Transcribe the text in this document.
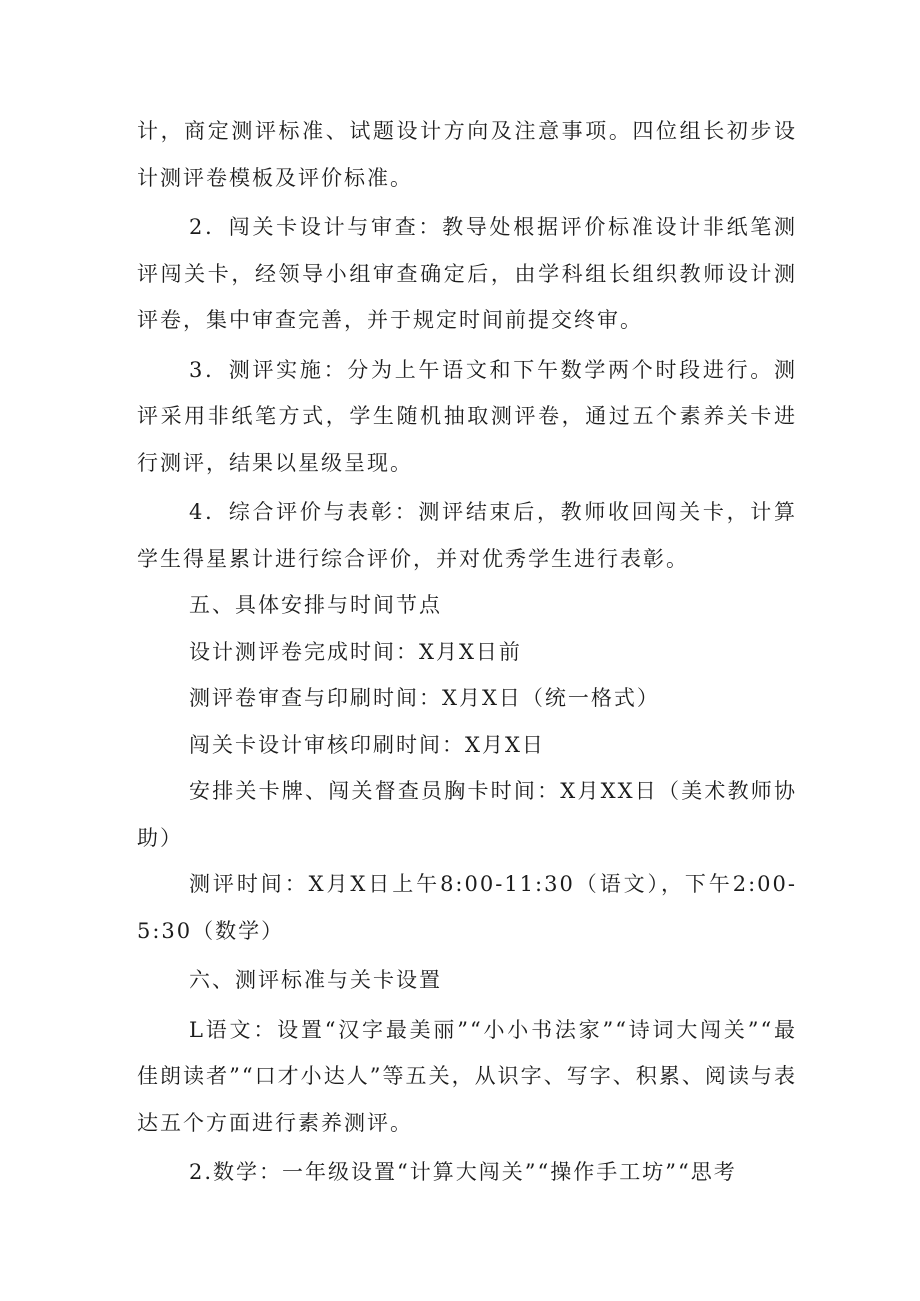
计，商定测评标准、试题设计方向及注意事项。四位组长初步设计测评卷模板及评价标准。

2．闯关卡设计与审查：教导处根据评价标准设计非纸笔测评闯关卡，经领导小组审查确定后，由学科组长组织教师设计测评卷，集中审查完善，并于规定时间前提交终审。

3．测评实施：分为上午语文和下午数学两个时段进行。测评采用非纸笔方式，学生随机抽取测评卷，通过五个素养关卡进行测评，结果以星级呈现。

4．综合评价与表彰：测评结束后，教师收回闯关卡，计算学生得星累计进行综合评价，并对优秀学生进行表彰。

五、具体安排与时间节点

设计测评卷完成时间：X月X日前

测评卷审查与印刷时间：X月X日（统一格式）

闯关卡设计审核印刷时间：X月X日

安排关卡牌、闯关督查员胸卡时间：X月XX日（美术教师协助）

测评时间：X月X日上午8:00-11:30（语文），下午2:00-5:30（数学）

六、测评标准与关卡设置

L语文：设置“汉字最美丽”“小小书法家”“诗词大闯关”“最佳朗读者”“口才小达人”等五关，从识字、写字、积累、阅读与表达五个方面进行素养测评。

2.数学：一年级设置“计算大闯关”“操作手工坊”“思考
